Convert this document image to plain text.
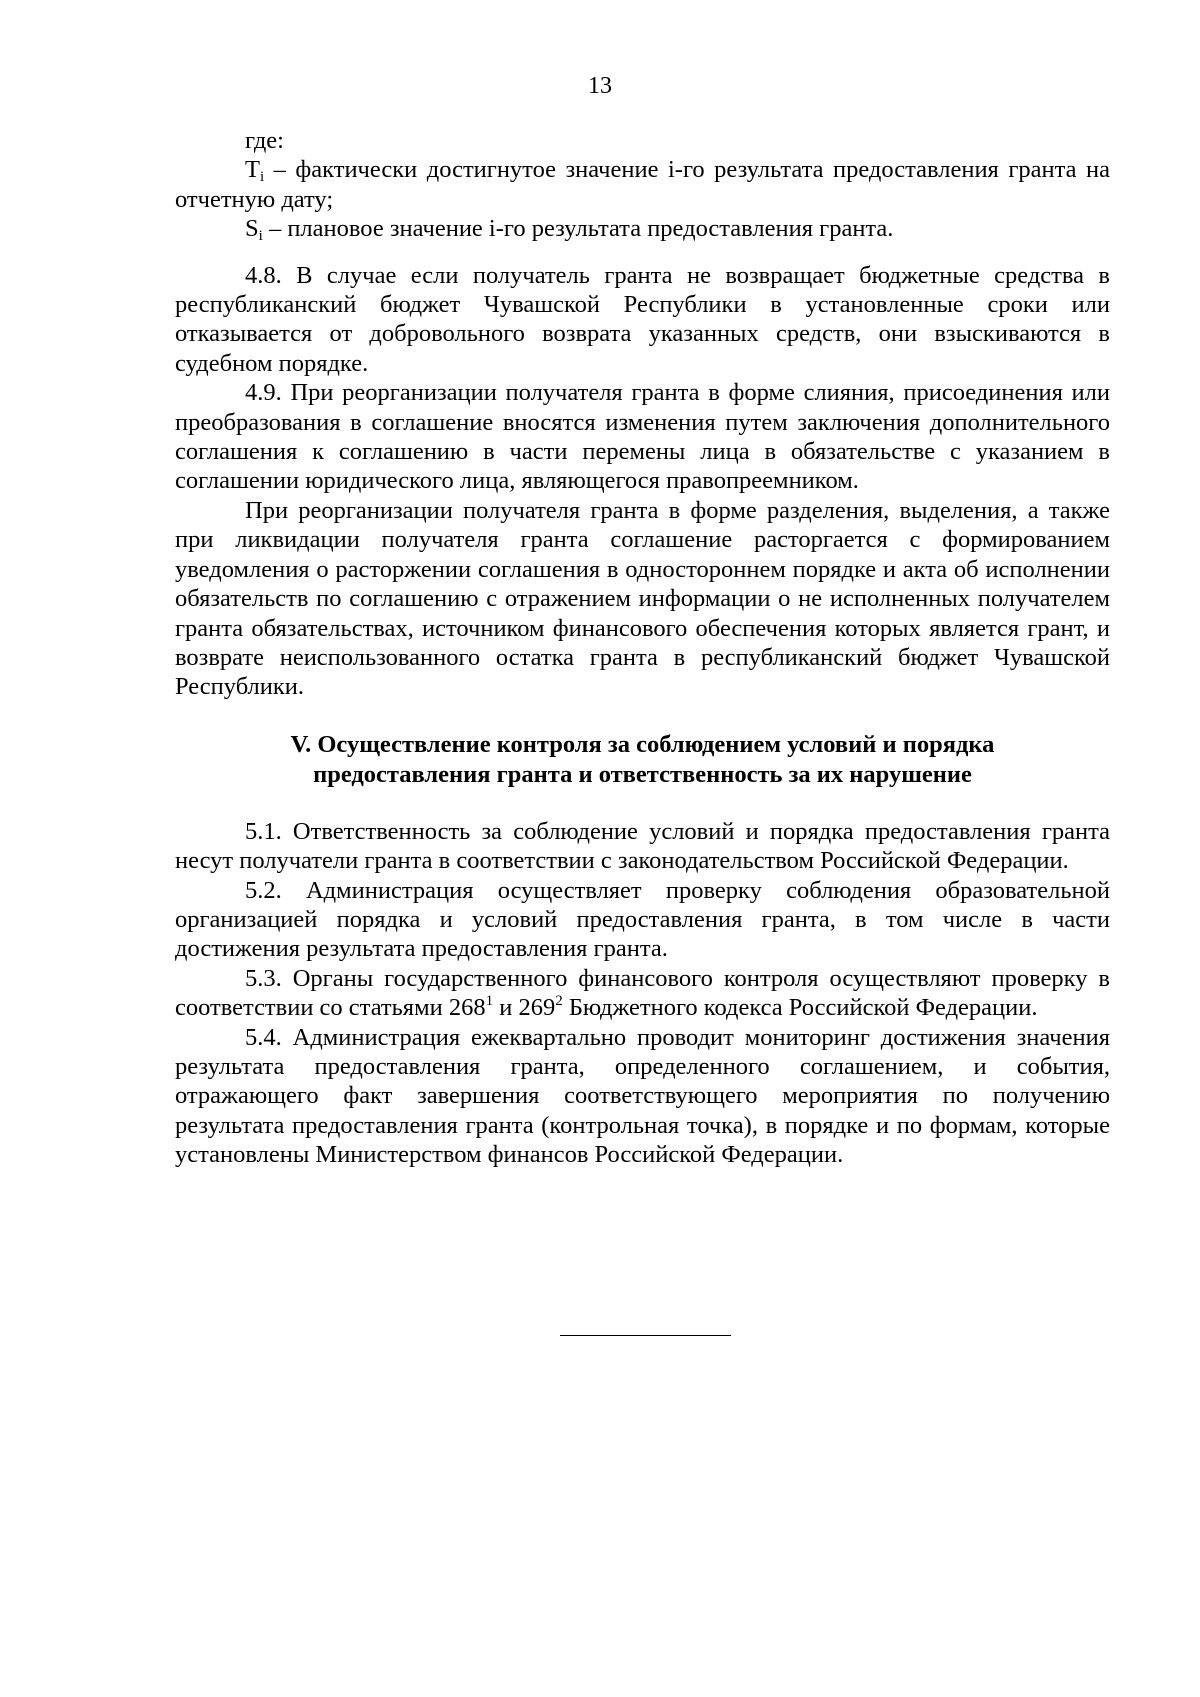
13

где:

$T_i$ – фактически достигнутое значение i-го результата предоставления гранта на отчетную дату;

$S_i$ – плановое значение i-го результата предоставления гранта.

4.8. В случае если получатель гранта не возвращает бюджетные средства в республиканский бюджет Чувашской Республики в установленные сроки или отказывается от добровольного возврата указанных средств, они взыскиваются в судебном порядке.

4.9. При реорганизации получателя гранта в форме слияния, присоединения или преобразования в соглашение вносятся изменения путем заключения дополнительного соглашения к соглашению в части перемены лица в обязательстве с указанием в соглашении юридического лица, являющегося правопреемником.

При реорганизации получателя гранта в форме разделения, выделения, а также при ликвидации получателя гранта соглашение расторгается с формированием уведомления о расторжении соглашения в одностороннем порядке и акта об исполнении обязательств по соглашению с отражением информации о не исполненных получателем гранта обязательствах, источником финансового обеспечения которых является грант, и возврате неиспользованного остатка гранта в республиканский бюджет Чувашской Республики.

V. Осуществление контроля за соблюдением условий и порядка
предоставления гранта и ответственность за их нарушение

5.1. Ответственность за соблюдение условий и порядка предоставления гранта несут получатели гранта в соответствии с законодательством Российской Федерации.

5.2. Администрация осуществляет проверку соблюдения образовательной организацией порядка и условий предоставления гранта, в том числе в части достижения результата предоставления гранта.

5.3. Органы государственного финансового контроля осуществляют проверку в соответствии со статьями $268^1$ и $269^2$ Бюджетного кодекса Российской Федерации.

5.4. Администрация ежеквартально проводит мониторинг достижения значения результата предоставления гранта, определенного соглашением, и события, отражающего факт завершения соответствующего мероприятия по получению результата предоставления гранта (контрольная точка), в порядке и по формам, которые установлены Министерством финансов Российской Федерации.
